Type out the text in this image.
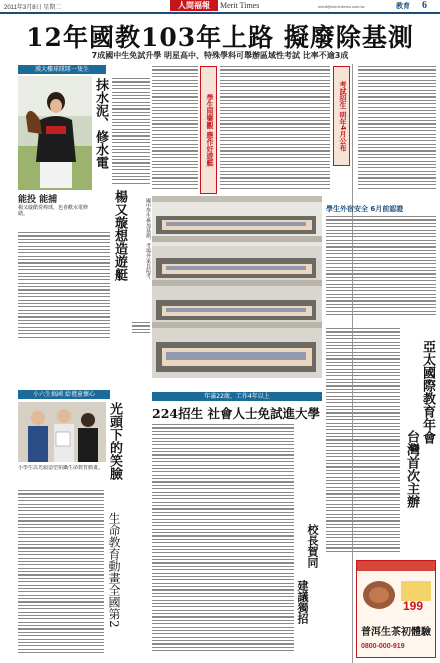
2011年3月8日 星期二	人間福報	Merit Times	merit@merit-times.com.tw	教育 6
12年國教103年上路 擬廢除基測
7成國中生免試升學 明星高中、特殊學科可舉辦區域性考試 比率不逾3成
漢大樓球隊隊一隻生
抹水泥、修水電
楊又璇想造遊艇
能投 能捕
楊又璇酷愛棒球，也喜歡水電修繕。
學生照樂觀 應作好遊艇	考試招生 明年4月公布
國中學生參加基測，考場外家長陪考。	學生外宿安全 6月前認證
亞太國際教育年會
台灣首次主辦
小六生搞國 給禮童懷心
光頭下的笑臉
生命教育動畫全國第2
小學生以光頭造型拍攝生命教育動畫。
年滿22歲、工作4年以上
224招生 社會人士免試進大學
校長賀同
建議獨招	199
普洱生茶初體驗
0800-000-919
